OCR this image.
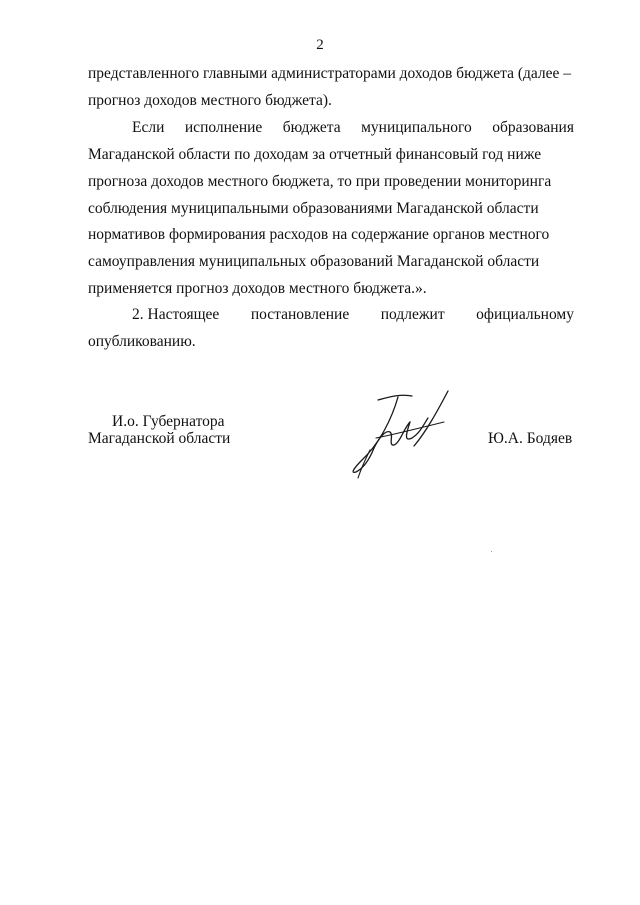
2
представленного главными администраторами доходов бюджета (далее –
прогноз доходов местного бюджета).
Если исполнение бюджета муниципального образования
Магаданской области по доходам за отчетный финансовый год ниже
прогноза доходов местного бюджета, то при проведении мониторинга
соблюдения муниципальными образованиями Магаданской области
нормативов формирования расходов на содержание органов местного
самоуправления муниципальных образований Магаданской области
применяется прогноз доходов местного бюджета.».
2. Настоящее постановление подлежит официальному
опубликованию.
И.о. Губернатора
Магаданской области	Ю.А. Бодяев
